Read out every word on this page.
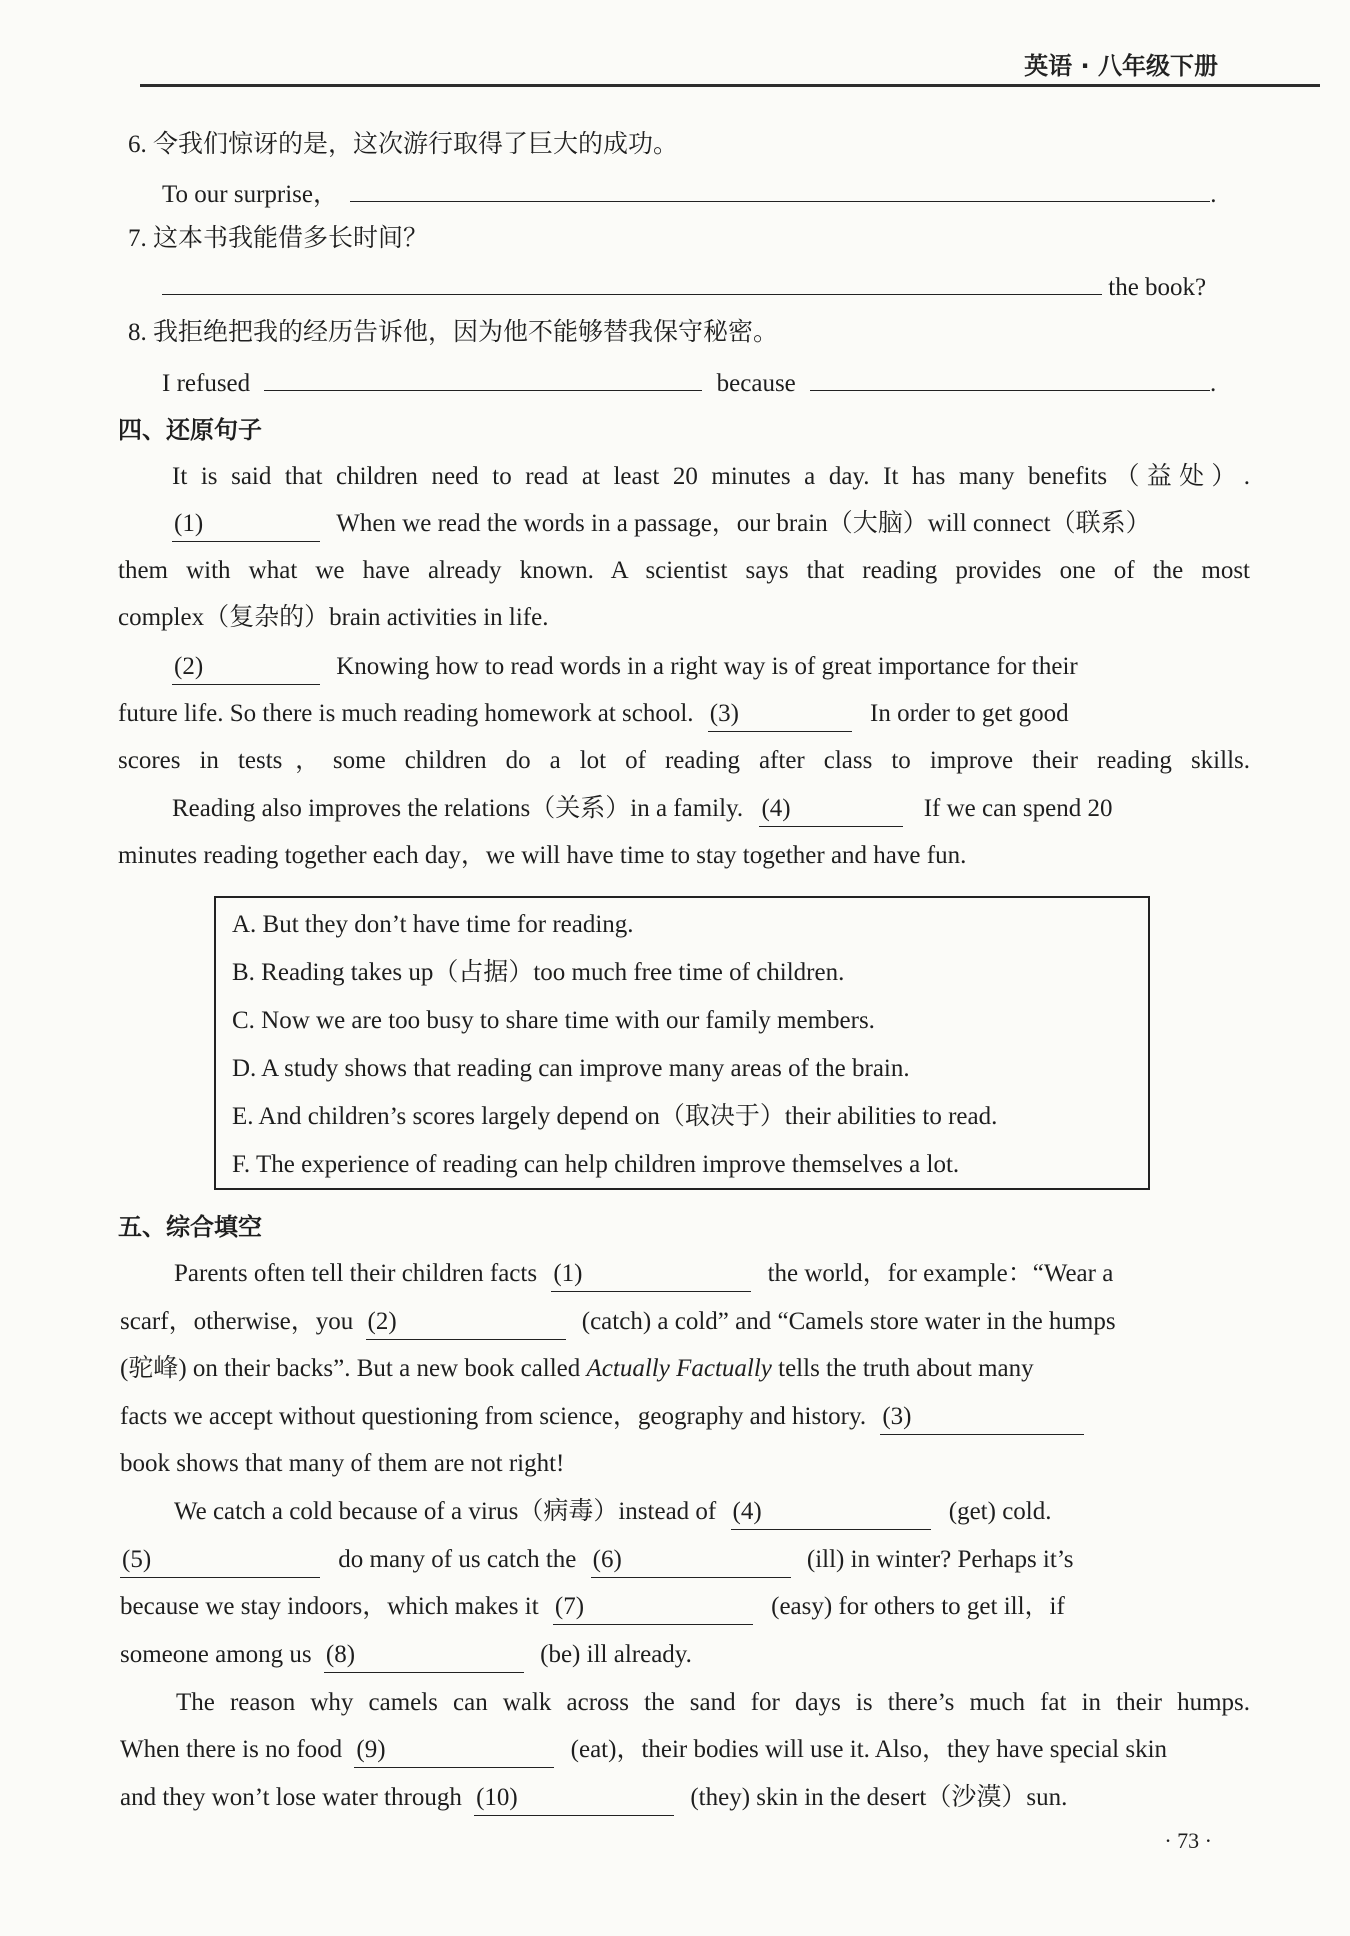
英语 · 八年级下册
6. 令我们惊讶的是，这次游行取得了巨大的成功。
To our surprise，	.
7. 这本书我能借多长时间？
the book?
8. 我拒绝把我的经历告诉他，因为他不能够替我保守秘密。
I refused	because	.
四、还原句子
It is said that children need to read at least 20 minutes a day. It has many benefits（益处）.
(1)	When we read the words in a passage，our brain（大脑）will connect（联系）
them with what we have already known. A scientist says that reading provides one of the most
complex（复杂的）brain activities in life.
(2)	Knowing how to read words in a right way is of great importance for their
future life. So there is much reading homework at school. (3)	In order to get good
scores in tests，some children do a lot of reading after class to improve their reading skills.
Reading also improves the relations（关系）in a family. (4)	If we can spend 20
minutes reading together each day，we will have time to stay together and have fun.
A. But they don’t have time for reading.
B. Reading takes up（占据）too much free time of children.
C. Now we are too busy to share time with our family members.
D. A study shows that reading can improve many areas of the brain.
E. And children’s scores largely depend on（取决于）their abilities to read.
F. The experience of reading can help children improve themselves a lot.
五、综合填空
Parents often tell their children facts (1)	the world，for example：“Wear a
scarf，otherwise，you (2)	(catch) a cold” and “Camels store water in the humps
(驼峰) on their backs”. But a new book called Actually Factually tells the truth about many
facts we accept without questioning from science，geography and history. (3)
book shows that many of them are not right!
We catch a cold because of a virus（病毒）instead of (4)	(get) cold.
(5)	do many of us catch the (6)	(ill) in winter? Perhaps it’s
because we stay indoors，which makes it (7)	(easy) for others to get ill，if
someone among us (8)	(be) ill already.
The reason why camels can walk across the sand for days is there’s much fat in their humps.
When there is no food (9)	(eat)，their bodies will use it. Also，they have special skin
and they won’t lose water through (10)	(they) skin in the desert（沙漠）sun.
· 73 ·
